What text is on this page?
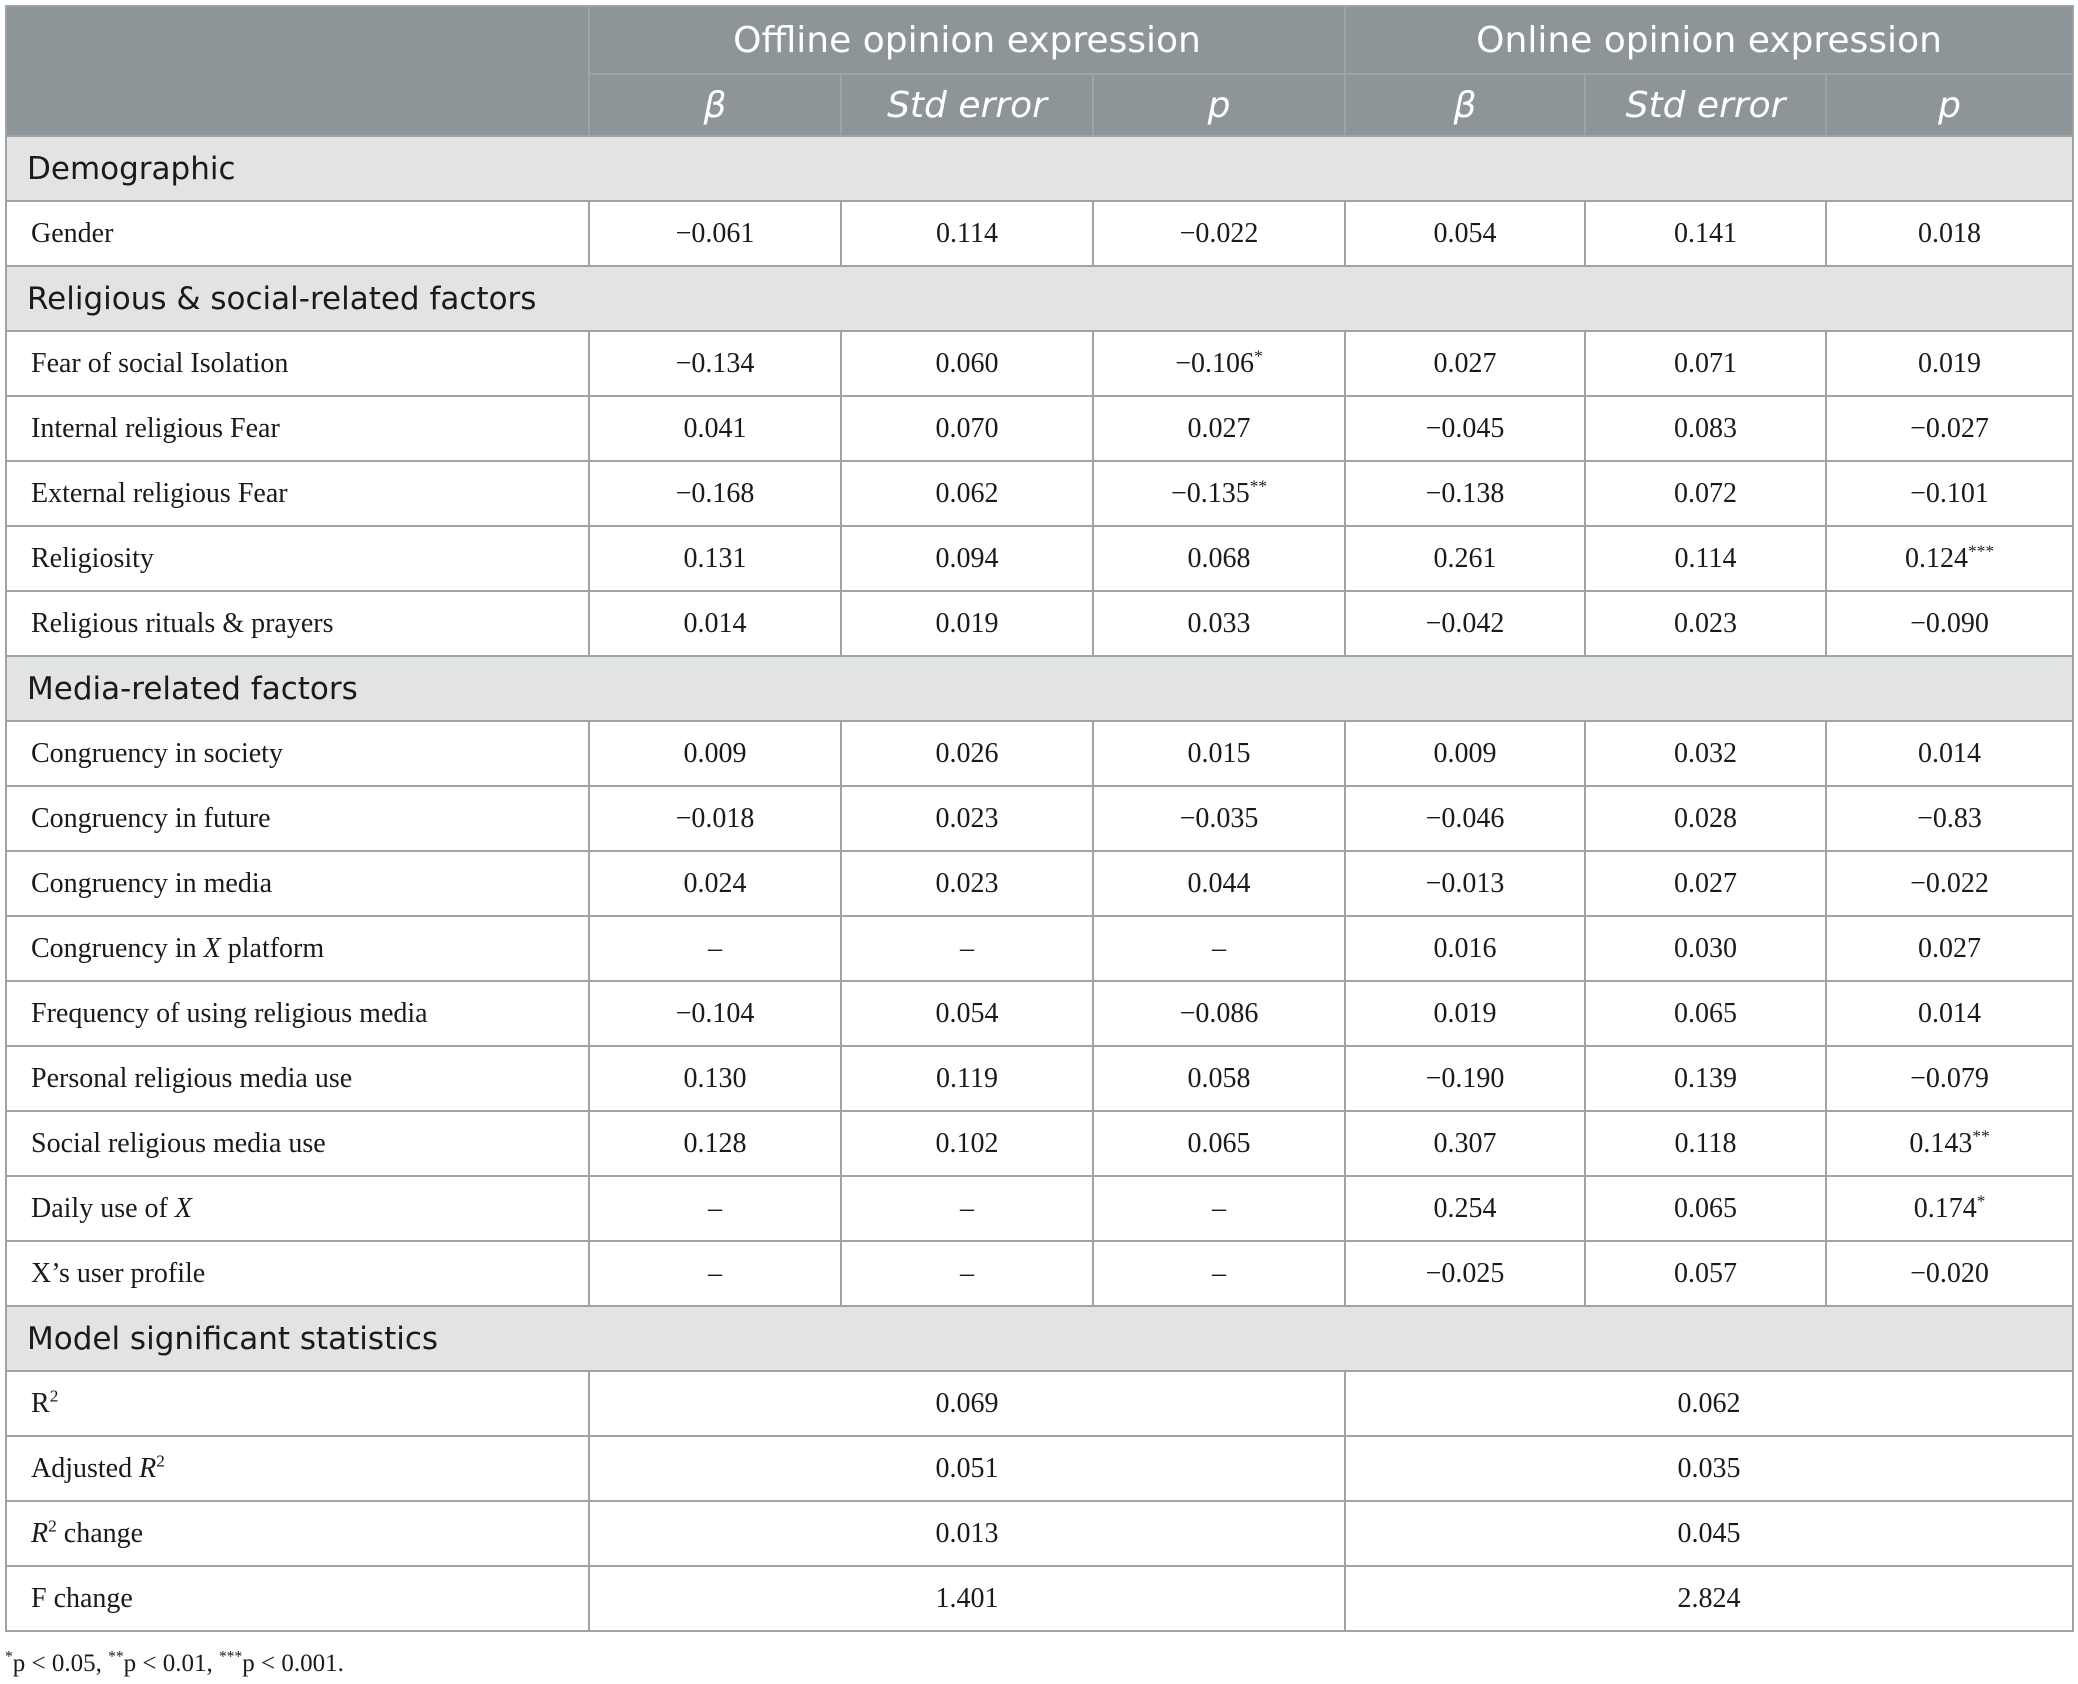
	Offline opinion expression			Online opinion expression		
	β	Std error	p	β	Std error	p
Demographic						
Gender	−0.061	0.114	−0.022	0.054	0.141	0.018
Religious & social-related factors						
Fear of social Isolation	−0.134	0.060	−0.106*	0.027	0.071	0.019
Internal religious Fear	0.041	0.070	0.027	−0.045	0.083	−0.027
External religious Fear	−0.168	0.062	−0.135**	−0.138	0.072	−0.101
Religiosity	0.131	0.094	0.068	0.261	0.114	0.124***
Religious rituals & prayers	0.014	0.019	0.033	−0.042	0.023	−0.090
Media-related factors						
Congruency in society	0.009	0.026	0.015	0.009	0.032	0.014
Congruency in future	−0.018	0.023	−0.035	−0.046	0.028	−0.83
Congruency in media	0.024	0.023	0.044	−0.013	0.027	−0.022
Congruency in X platform	–	–	–	0.016	0.030	0.027
Frequency of using religious media	−0.104	0.054	−0.086	0.019	0.065	0.014
Personal religious media use	0.130	0.119	0.058	−0.190	0.139	−0.079
Social religious media use	0.128	0.102	0.065	0.307	0.118	0.143**
Daily use of X	–	–	–	0.254	0.065	0.174*
X’s user profile	–	–	–	−0.025	0.057	−0.020
Model significant statistics						
$R^2$	0.069			0.062		
Adjusted $R^2$	0.051			0.035		
$R^2$ change	0.013			0.045		
F change	1.401			2.824		
*p < 0.05, **p < 0.01, ***p < 0.001.
